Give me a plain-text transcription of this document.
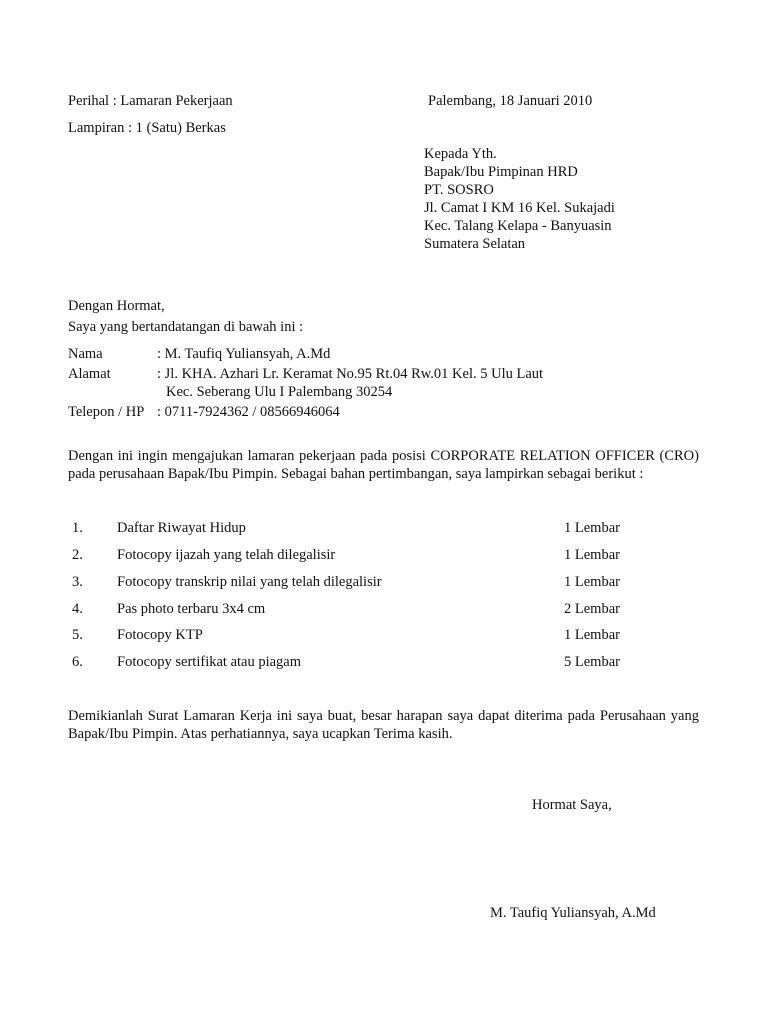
Perihal : Lamaran Pekerjaan	Palembang, 18 Januari 2010
Lampiran : 1 (Satu) Berkas
Kepada Yth.
Bapak/Ibu Pimpinan HRD
PT. SOSRO
Jl. Camat I KM 16 Kel. Sukajadi
Kec. Talang Kelapa - Banyuasin
Sumatera Selatan
Dengan Hormat,
Saya yang bertandatangan di bawah ini :
Nama	: M. Taufiq Yuliansyah, A.Md
Alamat	: Jl. KHA. Azhari Lr. Keramat No.95 Rt.04 Rw.01 Kel. 5 Ulu Laut
Kec. Seberang Ulu I Palembang 30254
Telepon / HP : 0711-7924362 / 08566946064
Dengan ini ingin mengajukan lamaran pekerjaan pada posisi CORPORATE RELATION OFFICER (CRO) pada perusahaan Bapak/Ibu Pimpin. Sebagai bahan pertimbangan, saya lampirkan sebagai berikut :
1. Daftar Riwayat Hidup	1 Lembar
2. Fotocopy ijazah yang telah dilegalisir	1 Lembar
3. Fotocopy transkrip nilai yang telah dilegalisir	1 Lembar
4. Pas photo terbaru 3x4 cm	2 Lembar
5. Fotocopy KTP	1 Lembar
6. Fotocopy sertifikat atau piagam	5 Lembar
Demikianlah Surat Lamaran Kerja ini saya buat, besar harapan saya dapat diterima pada Perusahaan yang Bapak/Ibu Pimpin. Atas perhatiannya, saya ucapkan Terima kasih.
Hormat Saya,
M. Taufiq Yuliansyah, A.Md
